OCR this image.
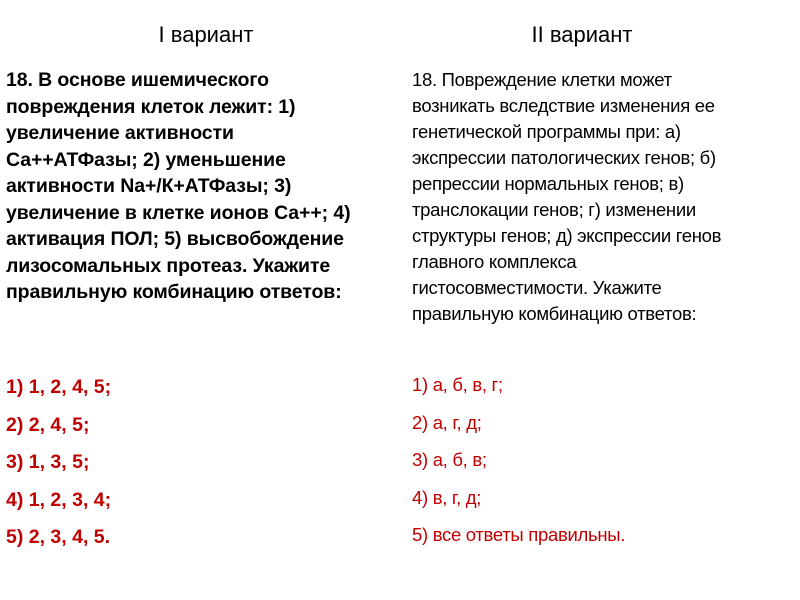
I вариант
18. В основе ишемического повреждения клеток лежит: 1) увеличение активности Са++АТФазы; 2) уменьшение активности Na+/К+АТФазы; 3) увеличение в клетке ионов Са++; 4) активация ПОЛ; 5) высвобождение лизосомальных протеаз. Укажите правильную комбинацию ответов:
1) 1, 2, 4, 5;
2) 2, 4, 5;
3) 1, 3, 5;
4) 1, 2, 3, 4;
5) 2, 3, 4, 5.
II вариант
18. Повреждение клетки может возникать вследствие изменения ее генетической программы при: а) экспрессии патологических генов; б) репрессии нормальных генов; в) транслокации генов; г) изменении структуры генов; д) экспрессии генов главного комплекса гистосовместимости. Укажите правильную комбинацию ответов:
1) а, б, в, г;
2) а, г, д;
3) а, б, в;
4) в, г, д;
5) все ответы правильны.
